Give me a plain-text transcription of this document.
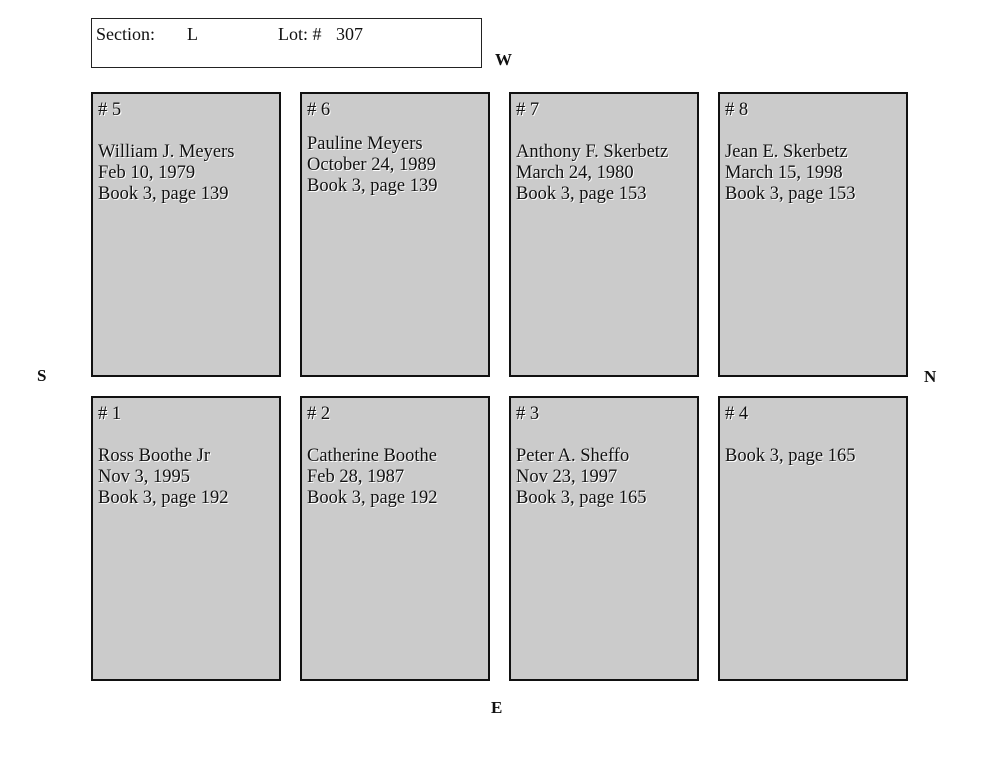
Section: L	Lot: # 307
W
E
S	N
# 5
William J. Meyers
Feb 10, 1979
Book 3, page 139
# 6
Pauline Meyers
October 24, 1989
Book 3, page 139
# 7
Anthony F. Skerbetz
March 24, 1980
Book 3, page 153
# 8
Jean E. Skerbetz
March 15, 1998
Book 3, page 153
# 1
Ross Boothe Jr
Nov 3, 1995
Book 3, page 192
# 2
Catherine Boothe
Feb 28, 1987
Book 3, page 192
# 3
Peter A. Sheffo
Nov 23, 1997
Book 3, page 165
# 4
Book 3, page 165
